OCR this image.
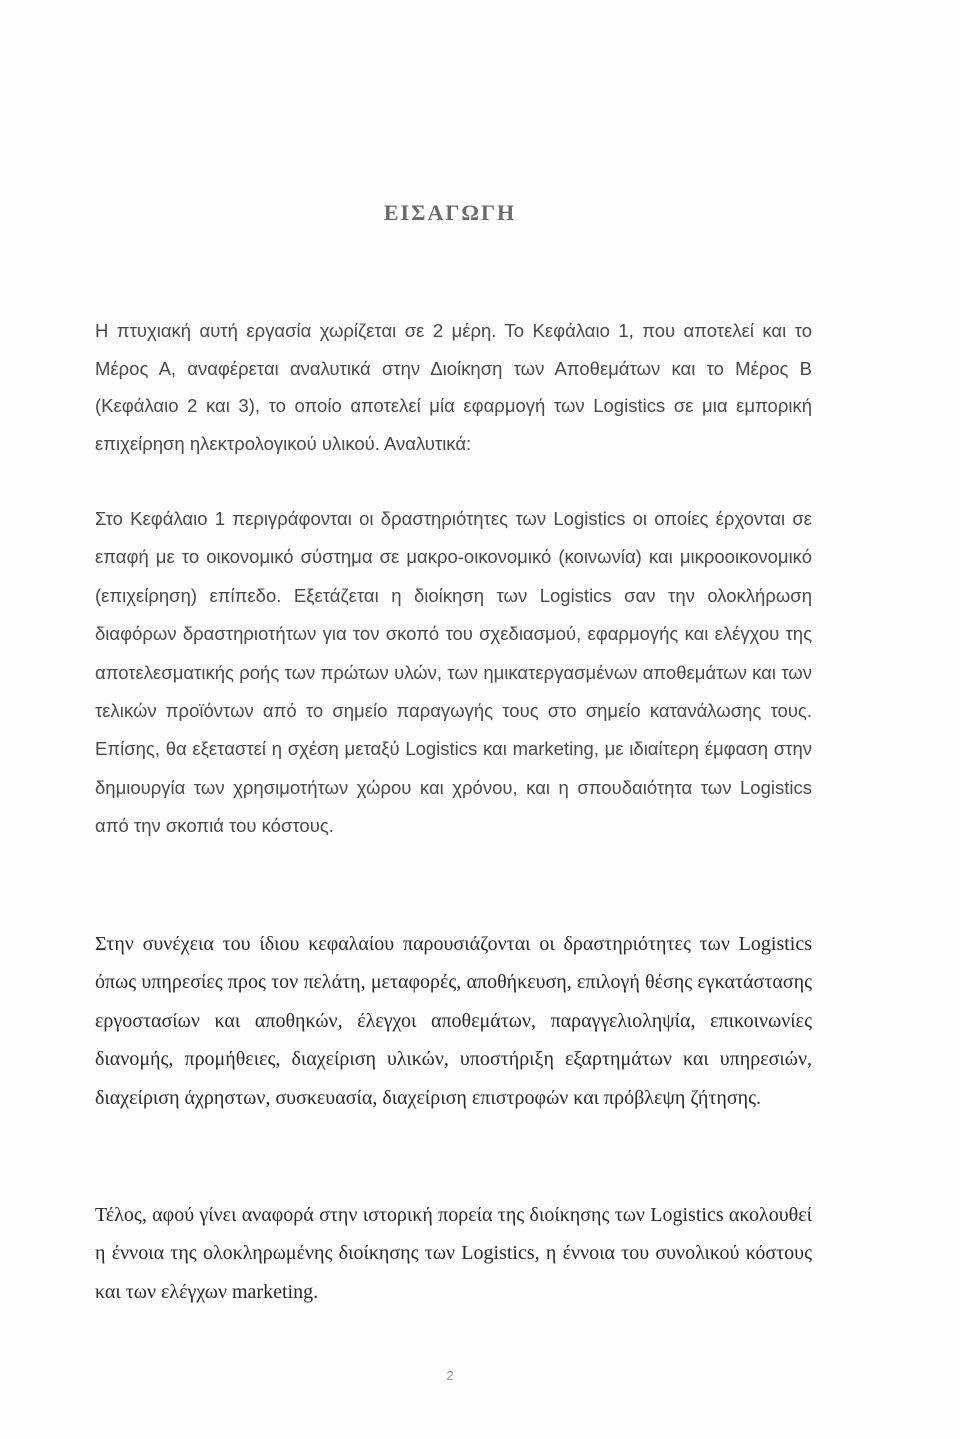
ΕΙΣΑΓΩΓΗ
Η πτυχιακή αυτή εργασία χωρίζεται σε 2 μέρη. Το Κεφάλαιο 1, που αποτελεί και το Μέρος Α, αναφέρεται αναλυτικά στην Διοίκηση των Αποθεμάτων και το Μέρος Β (Κεφάλαιο 2 και 3), το οποίο αποτελεί μία εφαρμογή των Logistics σε μια εμπορική επιχείρηση ηλεκτρολογικού υλικού. Αναλυτικά:
Στο Κεφάλαιο 1 περιγράφονται οι δραστηριότητες των Logistics οι οποίες έρχονται σε επαφή με το οικονομικό σύστημα σε μακρο-οικονομικό (κοινωνία) και μικροοικονομικό (επιχείρηση) επίπεδο. Εξετάζεται η διοίκηση των Logistics σαν την ολοκλήρωση διαφόρων δραστηριοτήτων για τον σκοπό του σχεδιασμού, εφαρμογής και ελέγχου της αποτελεσματικής ροής των πρώτων υλών, των ημικατεργασμένων αποθεμάτων και των τελικών προϊόντων από το σημείο παραγωγής τους στο σημείο κατανάλωσης τους. Επίσης, θα εξεταστεί η σχέση μεταξύ Logistics και marketing, με ιδιαίτερη έμφαση στην δημιουργία των χρησιμοτήτων χώρου και χρόνου, και η σπουδαιότητα των Logistics από την σκοπιά του κόστους.
Στην συνέχεια του ίδιου κεφαλαίου παρουσιάζονται οι δραστηριότητες των Logistics όπως υπηρεσίες προς τον πελάτη, μεταφορές, αποθήκευση, επιλογή θέσης εγκατάστασης εργοστασίων και αποθηκών, έλεγχοι αποθεμάτων, παραγγελιοληψία, επικοινωνίες διανομής, προμήθειες, διαχείριση υλικών, υποστήριξη εξαρτημάτων και υπηρεσιών, διαχείριση άχρηστων, συσκευασία, διαχείριση επιστροφών και πρόβλεψη ζήτησης.
Τέλος, αφού γίνει αναφορά στην ιστορική πορεία της διοίκησης των Logistics ακολουθεί η έννοια της ολοκληρωμένης διοίκησης των Logistics, η έννοια του συνολικού κόστους και των ελέγχων marketing.
2
